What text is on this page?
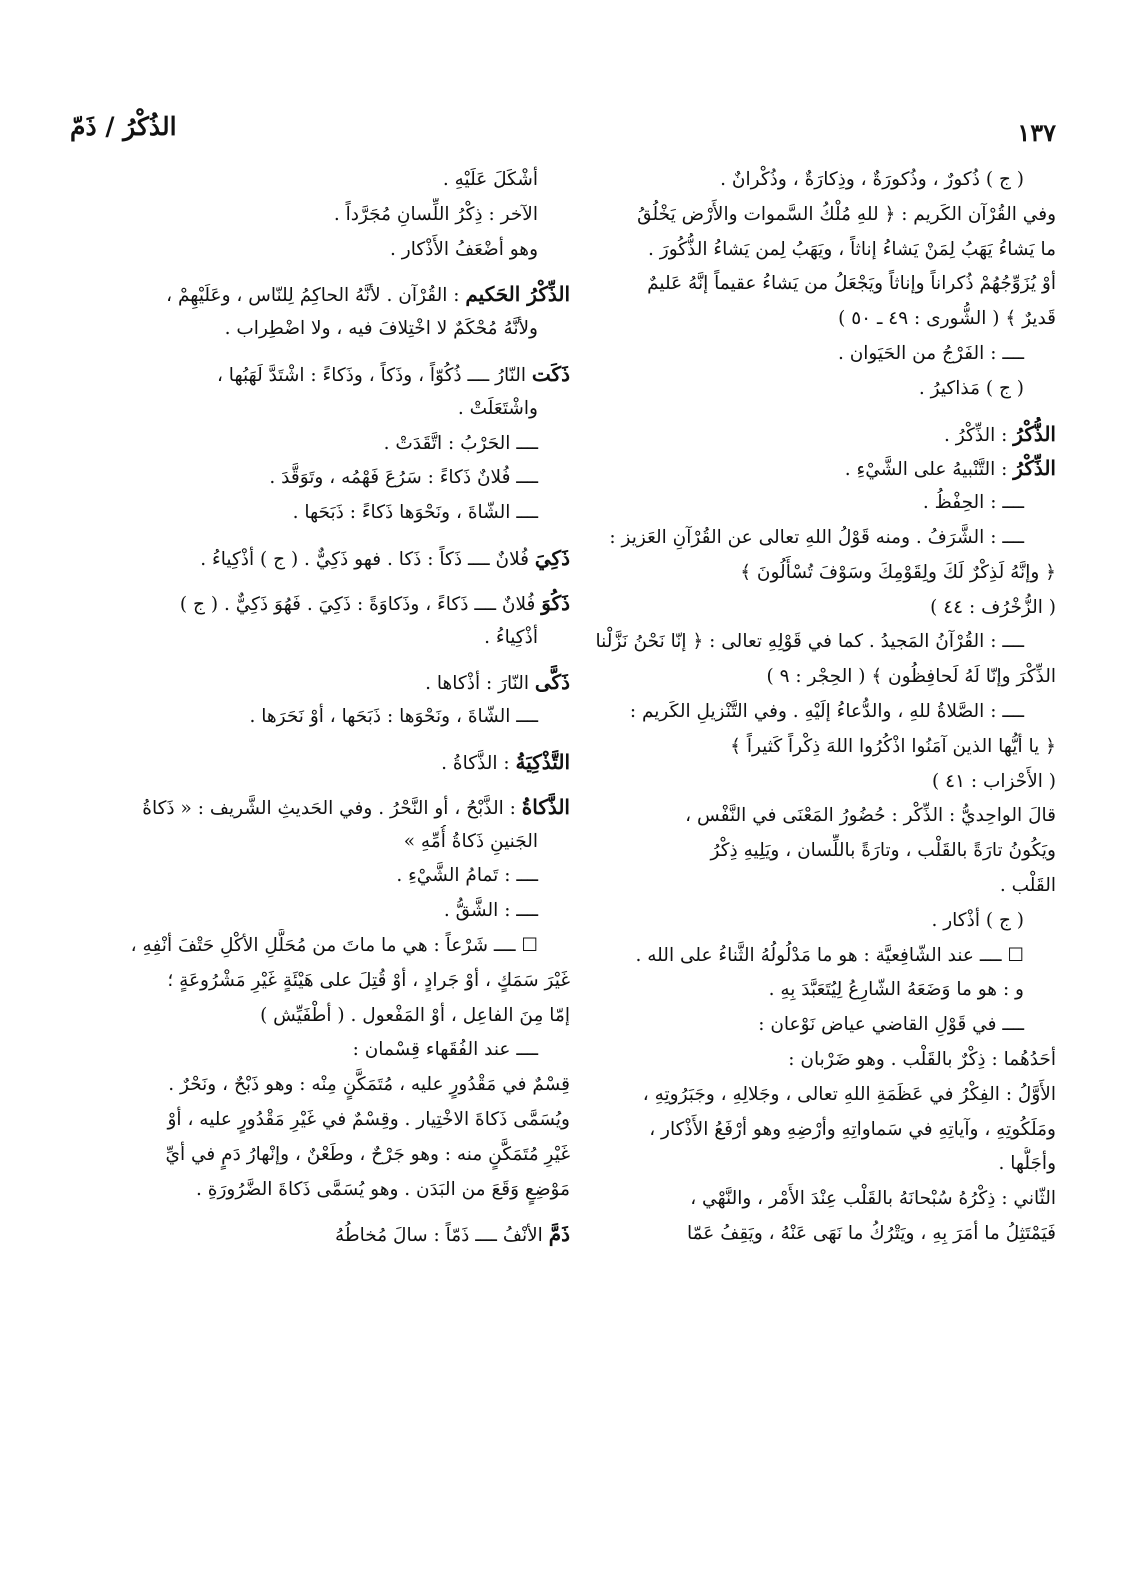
١٣٧
الذُكْرُ / ذَمّ
( ج ) ذُكورٌ ، وذُكورَةٌ ، وذِكارَةٌ ، وذُكْرانٌ .
وفي القُرْآن الكَريم : ﴿ للهِ مُلْكُ السَّموات والأَرْض يَخْلُقُ
ما يَشاءُ يَهَبُ لِمَنْ يَشاءُ إناثاً ، ويَهَبُ لِمن يَشاءُ الذُّكُورَ .
أوْ يُزَوِّجُهُمْ ذُكراناً وإناثاً ويَجْعَلُ من يَشاءُ عقيماً إنَّهُ عَليمٌ
قَديرٌ ﴾ ( الشُّورى : ٤٩ ـ ٥٠ )
ــــ : الفَرْجُ من الحَيَوان .
( ج ) مَذاكيرُ .
الذُّكْرُ : الذِّكْرُ .
الذِّكْرُ : التَّنْبيهُ على الشَّيْءِ .
ــــ : الحِفْظُ .
ــــ : الشَّرَفُ . ومنه قَوْلُ اللهِ تعالى عن القُرْآنِ العَزيز :
﴿ وإنَّهُ لَذِكْرٌ لَكَ ولِقَوْمِكَ وسَوْفَ تُسْأَلُونَ ﴾
( الزُّخْرُف : ٤٤ )
ــــ : القُرْآنُ المَجيدُ . كما في قَوْلِهِ تعالى : ﴿ إنّا نَحْنُ نَزَّلْنا
الذِّكْرَ وإنّا لَهُ لَحافِظُون ﴾ ( الحِجْر : ٩ )
ــــ : الصَّلاةُ للهِ ، والدُّعاءُ إلَيْهِ . وفي التَّنْزيلِ الكَريم :
﴿ يا أيُّها الذين آمَنُوا اذْكُرُوا اللهَ ذِكْراً كَثيراً ﴾
( الأَحْزاب : ٤١ )
قالَ الواحِديُّ : الذِّكْر : حُضُورُ المَعْنَى في النَّفْس ،
ويَكُونُ تارَةً بالقَلْب ، وتارَةً باللِّسان ، ويَلِيهِ ذِكْرُ
القَلْب .
( ج ) أذْكار .
☐ ــــ عند الشّافِعيَّة : هو ما مَدْلُولُهُ الثَّناءُ على الله .
و : هو ما وَضَعَهُ الشّارِعُ لِيُتَعَبَّدَ بِهِ .
ــــ في قَوْلِ القاضي عياض نَوْعان :
أحَدُهُما : ذِكْرٌ بالقَلْب . وهو ضَرْبان :
الأَوَّلُ : الفِكْرُ في عَظَمَةِ اللهِ تعالى ، وجَلالِهِ ، وجَبَرُوتِهِ ،
ومَلَكُوتِهِ ، وآياتِهِ في سَماواتِهِ وأرْضِهِ وهو أرْفَعُ الأَذْكار ،
وأجَلُّها .
الثّاني : ذِكْرُهُ سُبْحانَهُ بالقَلْب عِنْدَ الأَمْر ، والنَّهْي ،
فَيَمْتَثِلُ ما أمَرَ بِهِ ، ويَتْرُكُ ما نَهَى عَنْهُ ، ويَقِفُ عَمّا
أشْكَلَ عَلَيْهِ .
الآخر : ذِكْرُ اللِّسانِ مُجَرَّداً .
وهو أضْعَفُ الأَذْكار .
الذِّكْرُ الحَكيم : القُرْآن . لأنَّهُ الحاكِمُ لِلنّاس ، وعَلَيْهِمْ ،
ولأنَّهُ مُحْكَمٌ لا اخْتِلافَ فيه ، ولا اضْطِراب .
ذَكَت النّارُ ــــ ذُكُوّاً ، وذَكاً ، وذَكاءً : اشْتَدَّ لَهَبُها ،
واشْتَعَلَتْ .
ــــ الحَرْبُ : اتَّقَدَتْ .
ــــ فُلانٌ ذَكاءً : سَرُعَ فَهْمُه ، وتَوَقَّدَ .
ــــ الشّاةَ ، ونَحْوَها ذَكاءً : ذَبَحَها .
ذَكِيَ فُلانٌ ــــ ذَكاً : ذَكا . فهو ذَكِيٌّ . ( ج ) أذْكِياءُ .
ذَكُوَ فُلانٌ ــــ ذَكاءً ، وذَكاوَةً : ذَكِيَ . فَهُوَ ذَكِيٌّ . ( ج )
أذْكِياءُ .
ذَكَّى النّارَ : أذْكاها .
ــــ الشّاةَ ، ونَحْوَها : ذَبَحَها ، أوْ نَحَرَها .
التَّذْكِيَةُ : الذَّكاةُ .
الذَّكاةُ : الذَّبْحُ ، أو النَّحْرُ . وفي الحَديثِ الشَّريف : « ذَكاةُ
الجَنينِ ذَكاةُ أُمِّهِ »
ــــ : تَمامُ الشَّيْءِ .
ــــ : الشَّقُّ .
☐ ــــ شَرْعاً : هي ما ماتَ من مُحَلَّلِ الأكْلِ حَتْفَ أنْفِهِ ،
غَيْرَ سَمَكٍ ، أوْ جَرادٍ ، أوْ قُتِلَ على هَيْئَةٍ غَيْرِ مَشْرُوعَةٍ ؛
إمّا مِنَ الفاعِل ، أوْ المَفْعول . ( أطْفَيِّش )
ــــ عند الفُقَهاء قِسْمان :
قِسْمٌ في مَقْدُورٍ عليه ، مُتَمَكَّنٍ مِنْه : وهو ذَبْحٌ ، ونَحْرٌ .
ويُسَمَّى ذَكاةَ الاخْتِيار . وقِسْمٌ في غَيْرِ مَقْدُورٍ عليه ، أوْ
غَيْرِ مُتَمَكَّنٍ منه : وهو جَرْحٌ ، وطَعْنٌ ، وإنْهارُ دَمٍ في أيِّ
مَوْضِعٍ وَقَعَ من البَدَن . وهو يُسَمَّى ذَكاةَ الضَّرُورَةِ .
ذَمَّ الأنْفُ ــــ ذَمّاً : سالَ مُخاطُهُ
